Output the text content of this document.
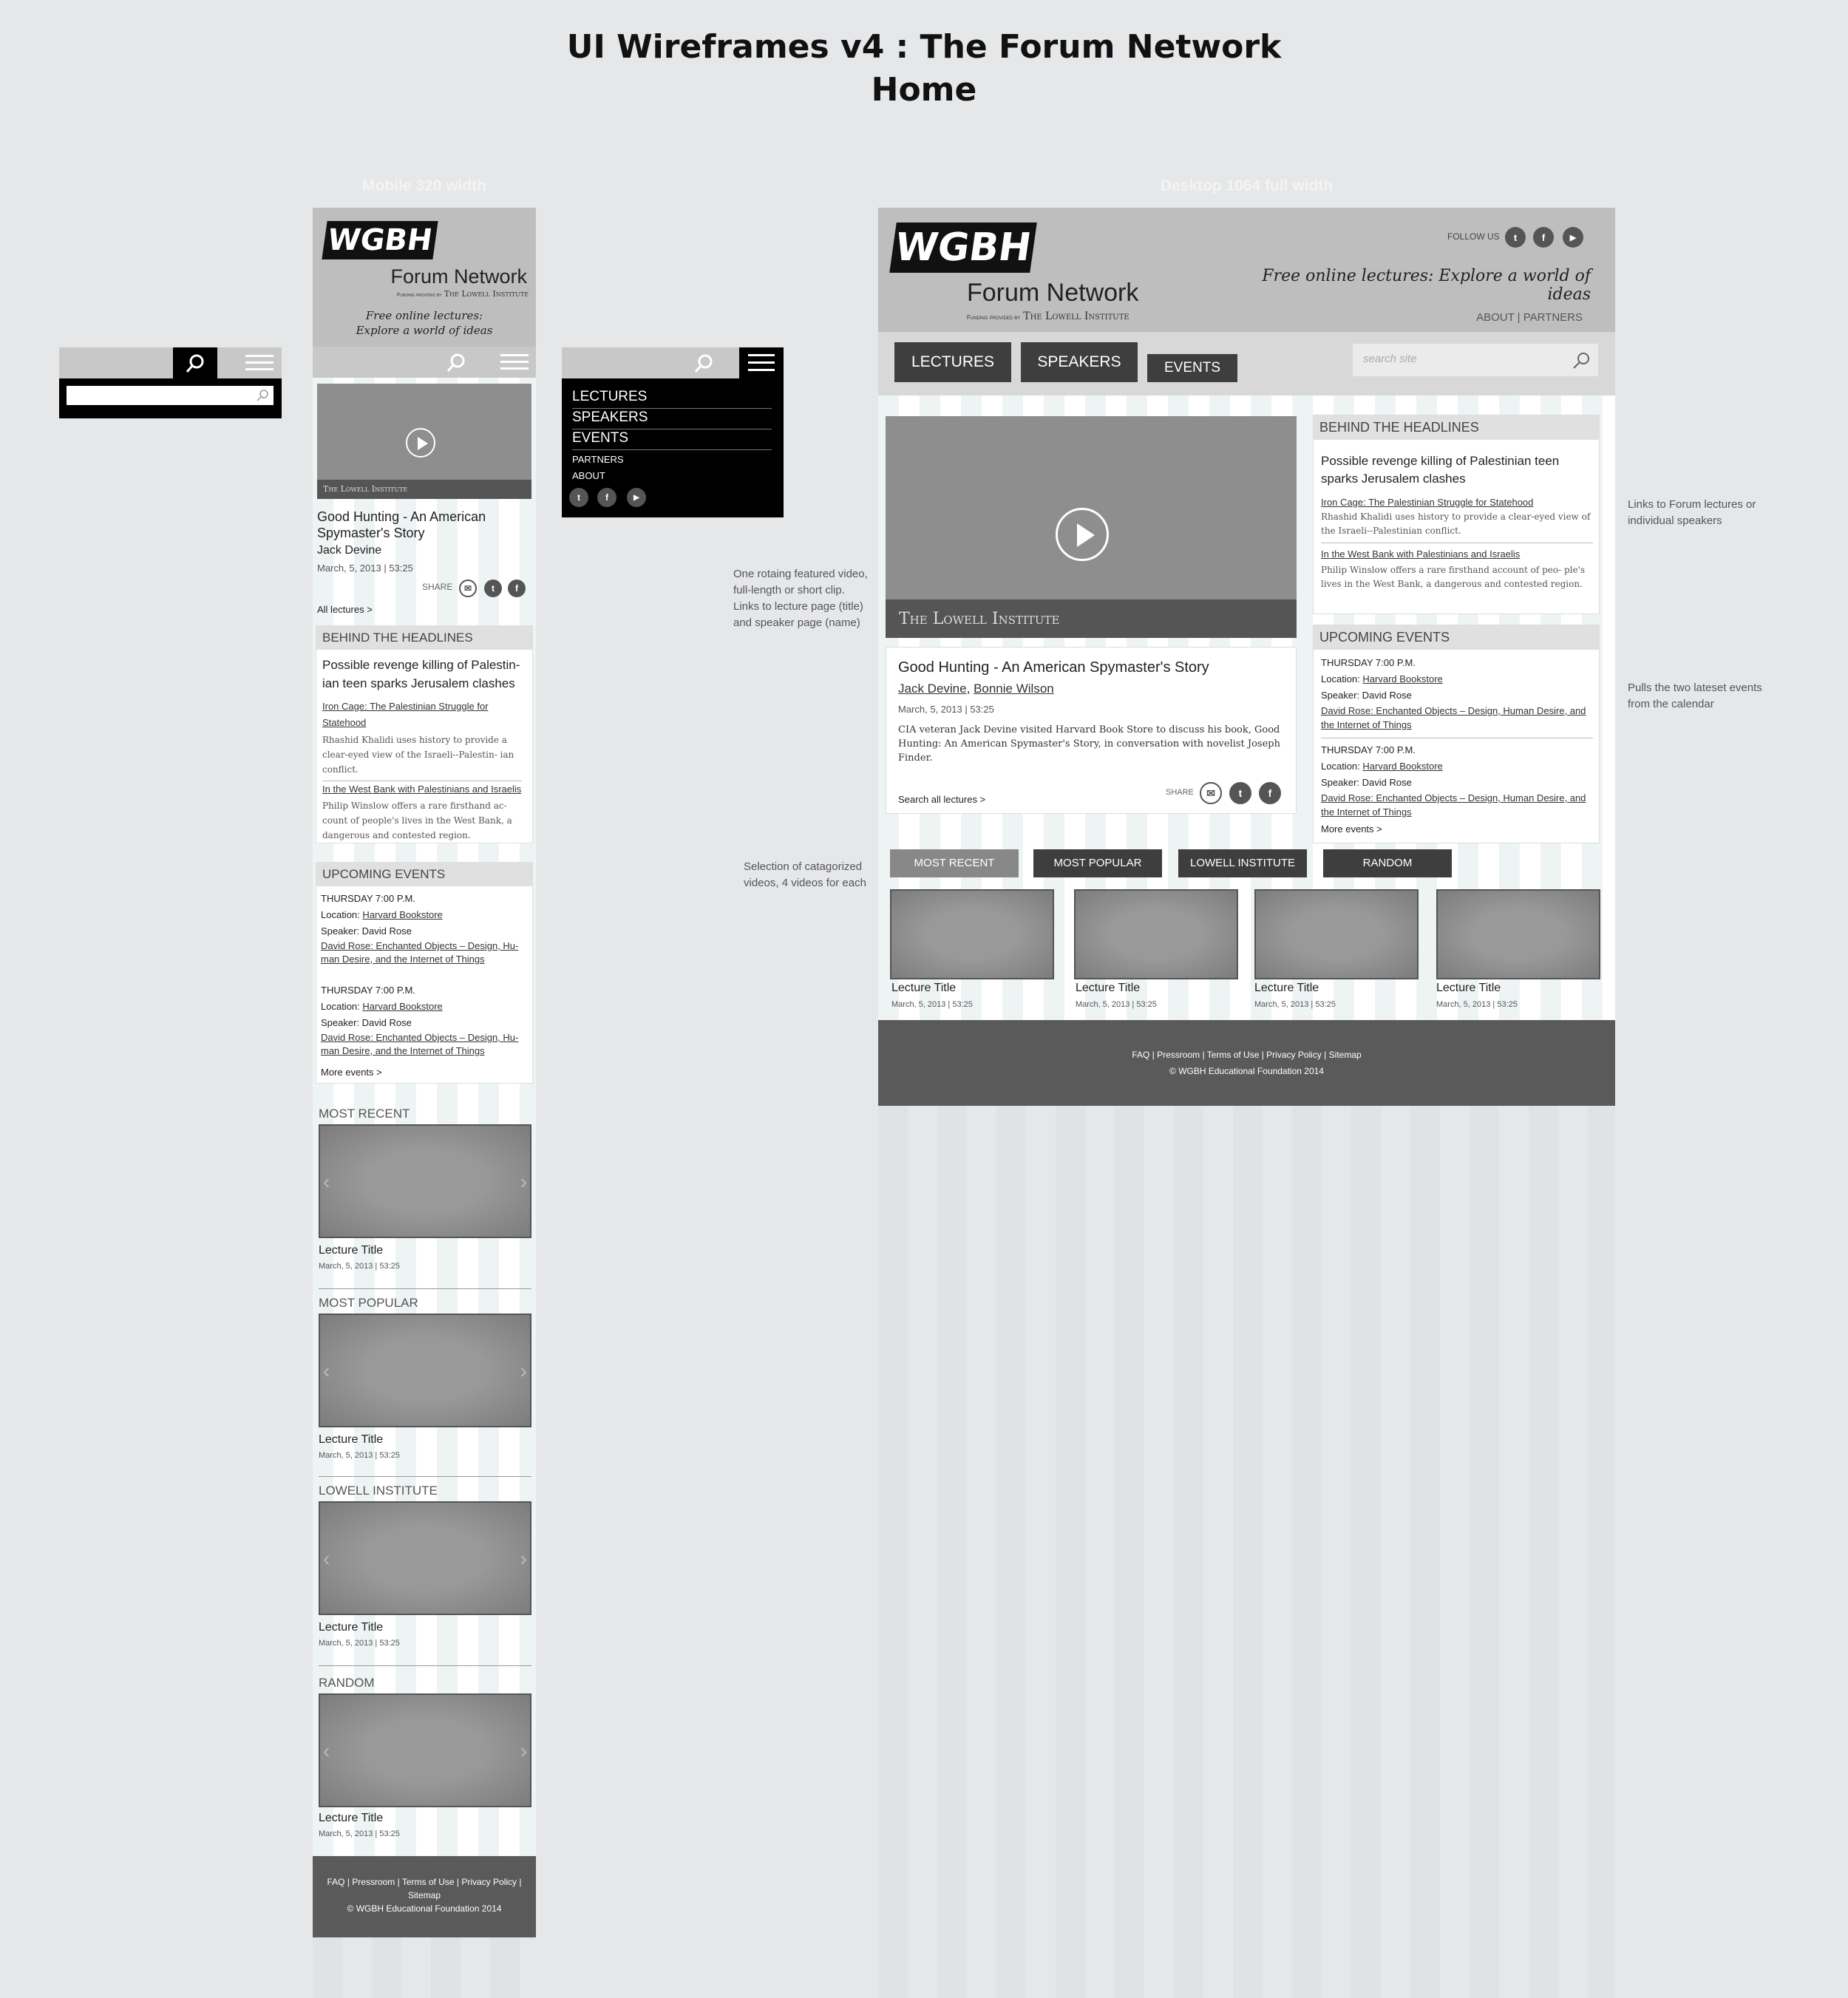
UI Wireframes v4 : The Forum Network
Home
Mobile 320 width	Desktop 1064 full width
LECTURES
SPEAKERS
EVENTS
PARTNERS
ABOUT
t	f	▶
WGBH
Forum Network
Funding provided by The Lowell Institute
Free online lectures:
Explore a world of ideas
The Lowell Institute
Good Hunting - An American Spymaster's Story
Jack Devine
March, 5, 2013 | 53:25
SHARE	✉	t	f
All lectures >
BEHIND THE HEADLINES
Possible revenge killing of Palestin- ian teen sparks Jerusalem clashes
Iron Cage: The Palestinian Struggle for Statehood
Rhashid Khalidi uses history to provide a clear-eyed view of the Israeli--Palestin- ian conflict.
In the West Bank with Palestinians and Israelis
Philip Winslow offers a rare firsthand ac- count of people's lives in the West Bank, a dangerous and contested region.
UPCOMING EVENTS
THURSDAY 7:00 P.M.
Location: Harvard Bookstore
Speaker: David Rose
David Rose: Enchanted Objects – Design, Hu- man Desire, and the Internet of Things
THURSDAY 7:00 P.M.
Location: Harvard Bookstore
Speaker: David Rose
David Rose: Enchanted Objects – Design, Hu- man Desire, and the Internet of Things
More events >
MOST RECENT
‹	›
Lecture Title
March, 5, 2013 | 53:25
MOST POPULAR
‹	›
Lecture Title
March, 5, 2013 | 53:25
LOWELL INSTITUTE
‹	›
Lecture Title
March, 5, 2013 | 53:25
RANDOM
‹	›
Lecture Title
March, 5, 2013 | 53:25
FAQ | Pressroom | Terms of Use | Privacy Policy |
Sitemap
© WGBH Educational Foundation 2014
WGBH
Forum Network
Funding provided by The Lowell Institute
FOLLOW US	t	f	▶
Free online lectures: Explore a world of ideas
ABOUT | PARTNERS
LECTURES	SPEAKERS	EVENTS
search site
The Lowell Institute
Good Hunting - An American Spymaster's Story
Jack Devine, Bonnie Wilson
March, 5, 2013 | 53:25
CIA veteran Jack Devine visited Harvard Book Store to discuss his book, Good Hunting: An American Spymaster's Story, in conversation with novelist Joseph Finder.
Search all lectures >
SHARE	✉	t	f
BEHIND THE HEADLINES
Possible revenge killing of Palestinian teen sparks Jerusalem clashes
Iron Cage: The Palestinian Struggle for Statehood
Rhashid Khalidi uses history to provide a clear-eyed view of the Israeli--Palestinian conflict.
In the West Bank with Palestinians and Israelis
Philip Winslow offers a rare firsthand account of peo- ple's lives in the West Bank, a dangerous and contested region.
UPCOMING EVENTS
THURSDAY 7:00 P.M.
Location: Harvard Bookstore
Speaker: David Rose
David Rose: Enchanted Objects – Design, Human Desire, and the Internet of Things
THURSDAY 7:00 P.M.
Location: Harvard Bookstore
Speaker: David Rose
David Rose: Enchanted Objects – Design, Human Desire, and the Internet of Things
More events >
MOST RECENT	MOST POPULAR	LOWELL INSTITUTE	RANDOM
Lecture Title
March, 5, 2013 | 53:25
Lecture Title
March, 5, 2013 | 53:25
Lecture Title
March, 5, 2013 | 53:25
Lecture Title
March, 5, 2013 | 53:25
FAQ | Pressroom | Terms of Use | Privacy Policy | Sitemap
© WGBH Educational Foundation 2014
One rotaing featured video, full-length or short clip. Links to lecture page (title) and speaker page (name)
Selection of catagorized videos, 4 videos for each
Links to Forum lectures or individual speakers
Pulls the two lateset events from the calendar
